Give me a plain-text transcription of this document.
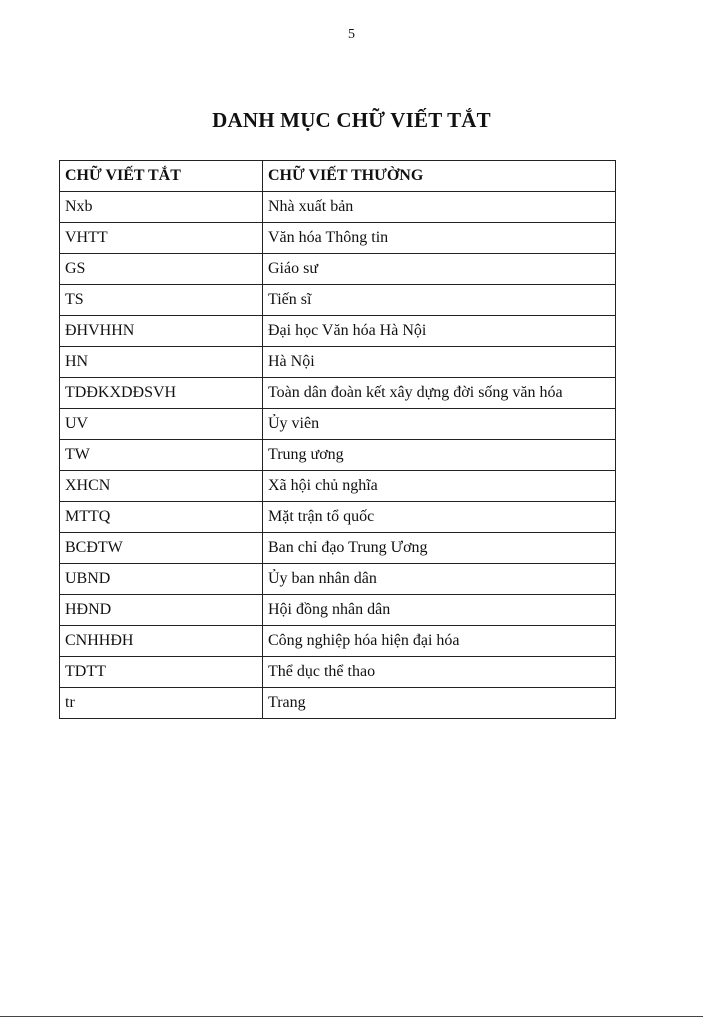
5
DANH MỤC CHỮ VIẾT TẮT
CHỮ VIẾT TẮT	CHỮ VIẾT THƯỜNG
Nxb	Nhà xuất bản
VHTT	Văn hóa Thông tin
GS	Giáo sư
TS	Tiến sĩ
ĐHVHHN	Đại học Văn hóa Hà Nội
HN	Hà Nội
TDĐKXDĐSVH	Toàn dân đoàn kết xây dựng đời sống văn hóa
UV	Ủy viên
TW	Trung ương
XHCN	Xã hội chủ nghĩa
MTTQ	Mặt trận tổ quốc
BCĐTW	Ban chỉ đạo Trung Ương
UBND	Ủy ban nhân dân
HĐND	Hội đồng nhân dân
CNHHĐH	Công nghiệp hóa hiện đại hóa
TDTT	Thể dục thể thao
tr	Trang
